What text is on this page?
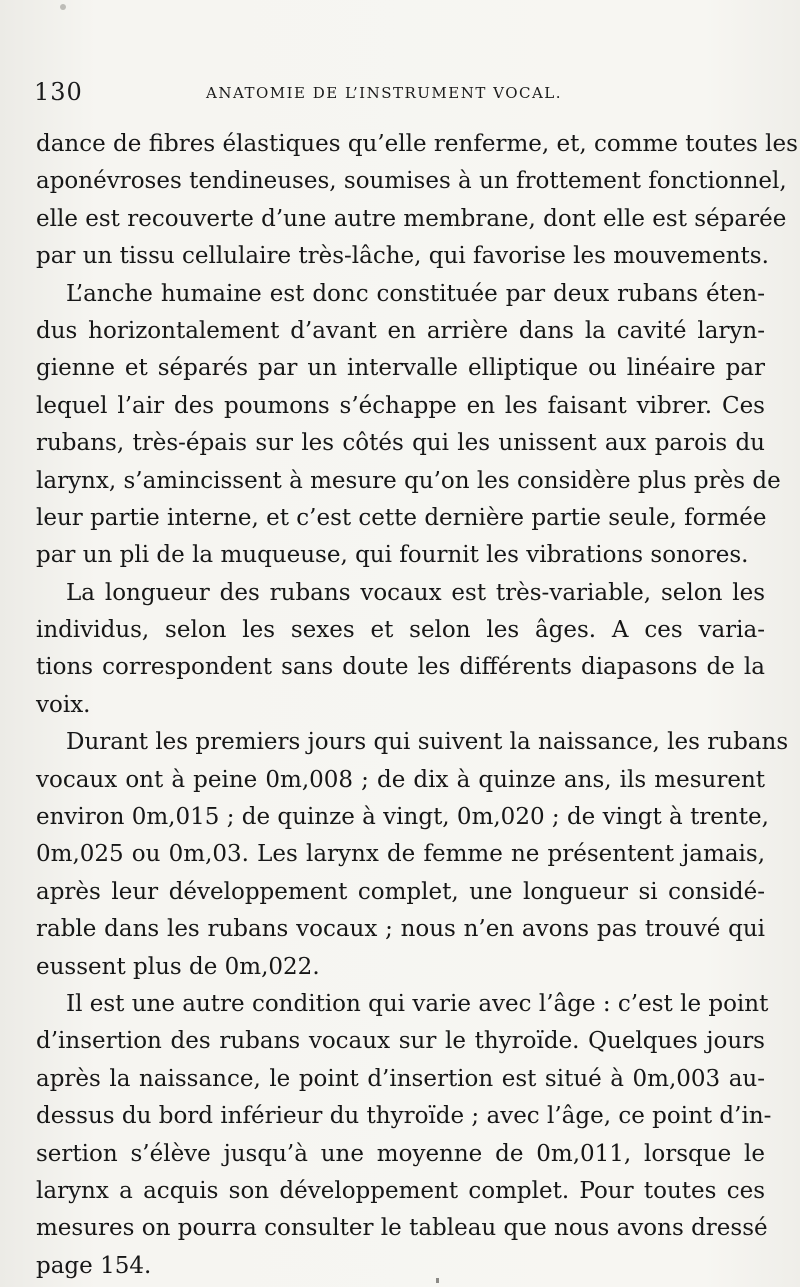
130	ANATOMIE DE L’INSTRUMENT VOCAL.
dance de fibres élastiques qu’elle renferme, et, comme toutes les
aponévroses tendineuses, soumises à un frottement fonctionnel,
elle est recouverte d’une autre membrane, dont elle est séparée
par un tissu cellulaire très-lâche, qui favorise les mouvements.
L’anche humaine est donc constituée par deux rubans éten-
dus horizontalement d’avant en arrière dans la cavité laryn-
gienne et séparés par un intervalle elliptique ou linéaire par
lequel l’air des poumons s’échappe en les faisant vibrer. Ces
rubans, très-épais sur les côtés qui les unissent aux parois du
larynx, s’amincissent à mesure qu’on les considère plus près de
leur partie interne, et c’est cette dernière partie seule, formée
par un pli de la muqueuse, qui fournit les vibrations sonores.
La longueur des rubans vocaux est très-variable, selon les
individus, selon les sexes et selon les âges. A ces varia-
tions correspondent sans doute les différents diapasons de la
voix.
Durant les premiers jours qui suivent la naissance, les rubans
vocaux ont à peine 0m,008 ; de dix à quinze ans, ils mesurent
environ 0m,015 ; de quinze à vingt, 0m,020 ; de vingt à trente,
0m,025 ou 0m,03. Les larynx de femme ne présentent jamais,
après leur développement complet, une longueur si considé-
rable dans les rubans vocaux ; nous n’en avons pas trouvé qui
eussent plus de 0m,022.
Il est une autre condition qui varie avec l’âge : c’est le point
d’insertion des rubans vocaux sur le thyroïde. Quelques jours
après la naissance, le point d’insertion est situé à 0m,003 au-
dessus du bord inférieur du thyroïde ; avec l’âge, ce point d’in-
sertion s’élève jusqu’à une moyenne de 0m,011, lorsque le
larynx a acquis son développement complet. Pour toutes ces
mesures on pourra consulter le tableau que nous avons dressé
page 154.
